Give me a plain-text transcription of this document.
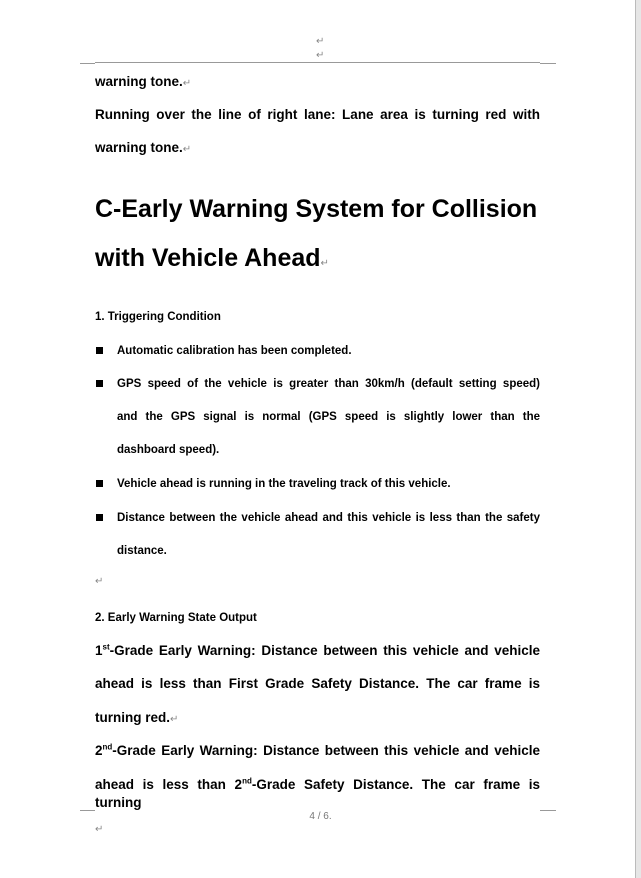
↵
↵
warning tone.↵
Running over the line of right lane: Lane area is turning red with
warning tone.↵
C-Early Warning System for Collision
with Vehicle Ahead↵
1. Triggering Condition
Automatic calibration has been completed.
GPS speed of the vehicle is greater than 30km/h (default setting speed)
and the GPS signal is normal (GPS speed is slightly lower than the
dashboard speed).
Vehicle ahead is running in the traveling track of this vehicle.
Distance between the vehicle ahead and this vehicle is less than the safety
distance.
↵
2. Early Warning State Output
1st-Grade Early Warning: Distance between this vehicle and vehicle
ahead is less than First Grade Safety Distance. The car frame is
turning red.↵
2nd-Grade Early Warning: Distance between this vehicle and vehicle
ahead is less than 2nd-Grade Safety Distance. The car frame is turning
4 / 6.
↵
